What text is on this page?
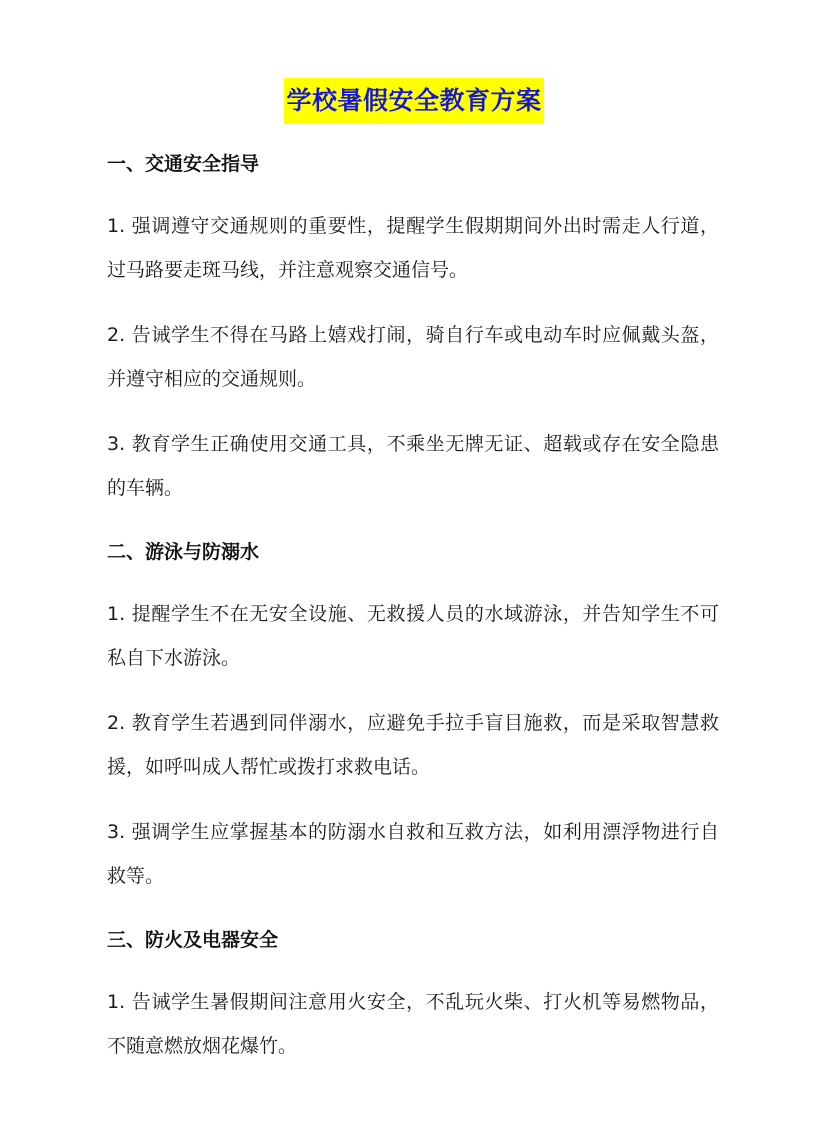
学校暑假安全教育方案
一、交通安全指导
1. 强调遵守交通规则的重要性，提醒学生假期期间外出时需走人行道，过马路要走斑马线，并注意观察交通信号。
2. 告诫学生不得在马路上嬉戏打闹，骑自行车或电动车时应佩戴头盔，并遵守相应的交通规则。
3. 教育学生正确使用交通工具，不乘坐无牌无证、超载或存在安全隐患的车辆。
二、游泳与防溺水
1. 提醒学生不在无安全设施、无救援人员的水域游泳，并告知学生不可私自下水游泳。
2. 教育学生若遇到同伴溺水，应避免手拉手盲目施救，而是采取智慧救援，如呼叫成人帮忙或拨打求救电话。
3. 强调学生应掌握基本的防溺水自救和互救方法，如利用漂浮物进行自救等。
三、防火及电器安全
1. 告诫学生暑假期间注意用火安全，不乱玩火柴、打火机等易燃物品，不随意燃放烟花爆竹。
